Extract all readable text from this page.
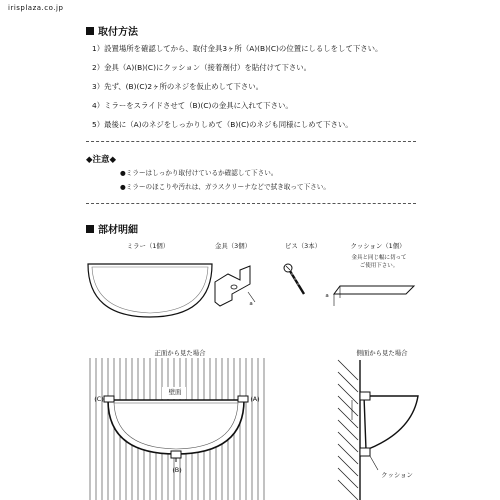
irisplaza.co.jp
取付方法
1）設置場所を確認してから、取付金具3ヶ所（A)(B)(C)の位置にしるしをして下さい。
2）金具（A)(B)(C)にクッション（接着剤付）を貼付けて下さい。
3）先ず、(B)(C)2ヶ所のネジを仮止めして下さい。
4）ミラーをスライドさせて（B)(C)の金具に入れて下さい。
5）最後に（A)のネジをしっかりしめて（B)(C)のネジも同様にしめて下さい。
◆注意◆
●ミラーはしっかり取付けているか確認して下さい。
●ミラーのほこりや汚れは、ガラスクリーナなどで拭き取って下さい。
部材明細
ミラー（1個）	金具（3個）	ビス（3本）	クッション（1個）
金具と同じ幅に切って
ご使用下さい。
a
a
正面から見た場合	側面から見た場合
壁面
(C)	(A)
(B)
クッション
